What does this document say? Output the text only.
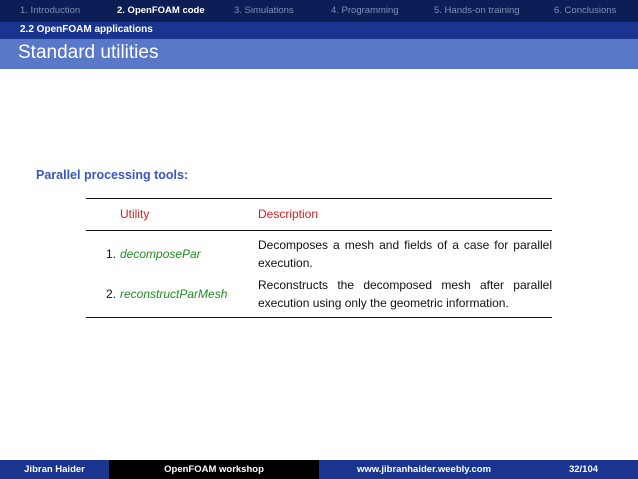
1. Introduction	2. OpenFOAM code	3. Simulations	4. Programming	5. Hands-on training	6. Conclusions
2.2 OpenFOAM applications
Standard utilities
Parallel processing tools:
	Utility	Description
1.	decomposePar	Decomposes a mesh and fields of a case for parallel execution.
2.	reconstructParMesh	Reconstructs the decomposed mesh after parallel execution using only the geometric information.
Jibran Haider	OpenFOAM workshop	www.jibranhaider.weebly.com	32/104
